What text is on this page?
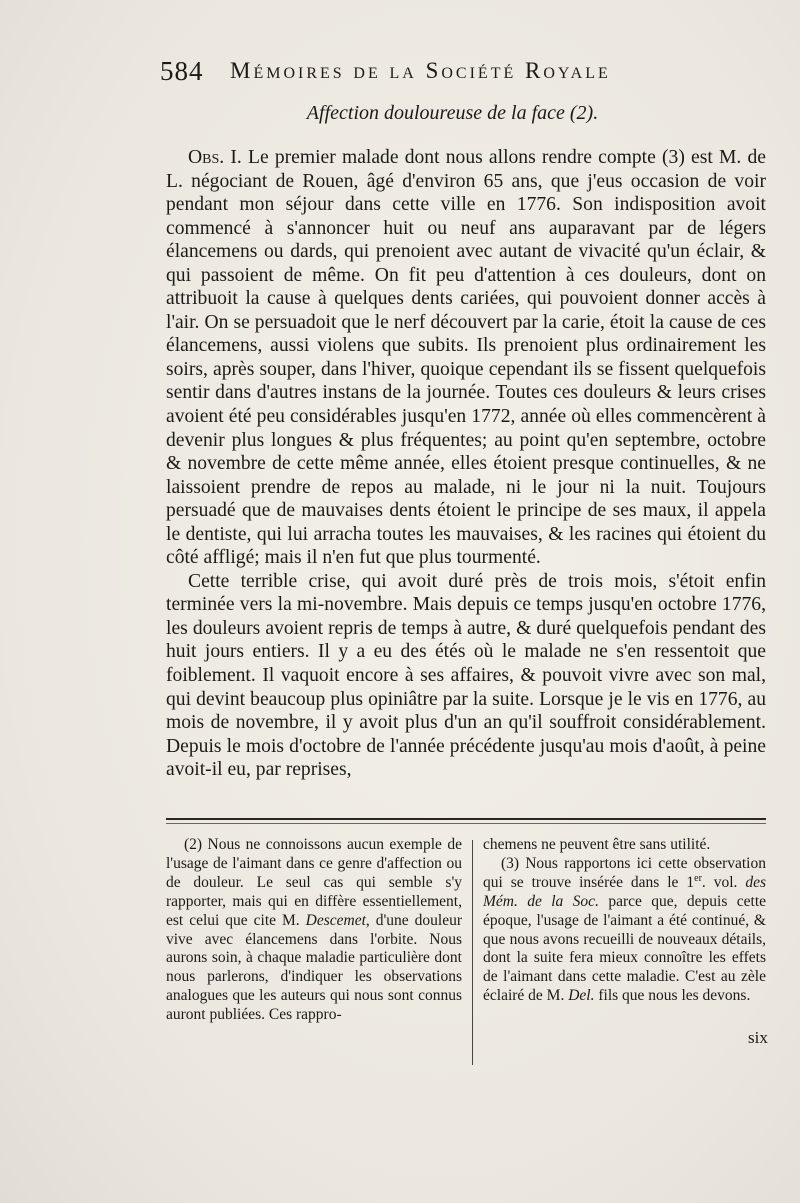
584 Mémoires de la Société Royale
Affection douloureuse de la face (2).

Obs. I. Le premier malade dont nous allons rendre compte (3) est M. de L. négociant de Rouen, âgé d'environ 65 ans, que j'eus occasion de voir pendant mon séjour dans cette ville en 1776. Son indisposition avoit commencé à s'annoncer huit ou neuf ans auparavant par de légers élancemens ou dards, qui prenoient avec autant de vivacité qu'un éclair, & qui passoient de même. On fit peu d'attention à ces douleurs, dont on attribuoit la cause à quelques dents cariées, qui pouvoient donner accès à l'air. On se persuadoit que le nerf découvert par la carie, étoit la cause de ces élancemens, aussi violens que subits. Ils prenoient plus ordinairement les soirs, après souper, dans l'hiver, quoique cependant ils se fissent quelquefois sentir dans d'autres instans de la journée. Toutes ces douleurs & leurs crises avoient été peu considérables jusqu'en 1772, année où elles commencèrent à devenir plus longues & plus fréquentes; au point qu'en septembre, octobre & novembre de cette même année, elles étoient presque continuelles, & ne laissoient prendre de repos au malade, ni le jour ni la nuit. Toujours persuadé que de mauvaises dents étoient le principe de ses maux, il appela le dentiste, qui lui arracha toutes les mauvaises, & les racines qui étoient du côté affligé; mais il n'en fut que plus tourmenté.

Cette terrible crise, qui avoit duré près de trois mois, s'étoit enfin terminée vers la mi-novembre. Mais depuis ce temps jusqu'en octobre 1776, les douleurs avoient repris de temps à autre, & duré quelquefois pendant des huit jours entiers. Il y a eu des étés où le malade ne s'en ressentoit que foiblement. Il vaquoit encore à ses affaires, & pouvoit vivre avec son mal, qui devint beaucoup plus opiniâtre par la suite. Lorsque je le vis en 1776, au mois de novembre, il y avoit plus d'un an qu'il souffroit considérablement. Depuis le mois d'octobre de l'année précédente jusqu'au mois d'août, à peine avoit-il eu, par reprises,

(2) Nous ne connoissons aucun exemple de l'usage de l'aimant dans ce genre d'affection ou de douleur. Le seul cas qui semble s'y rapporter, mais qui en diffère essentiellement, est celui que cite M. Descemet, d'une douleur vive avec élancemens dans l'orbite. Nous aurons soin, à chaque maladie particulière dont nous parlerons, d'indiquer les observations analogues que les auteurs qui nous sont connus auront publiées. Ces rappro-

chemens ne peuvent être sans utilité.

(3) Nous rapportons ici cette observation qui se trouve insérée dans le 1er. vol. des Mém. de la Soc. parce que, depuis cette époque, l'usage de l'aimant a été continué, & que nous avons recueilli de nouveaux détails, dont la suite fera mieux connoître les effets de l'aimant dans cette maladie. C'est au zèle éclairé de M. Del. fils que nous les devons.

six
